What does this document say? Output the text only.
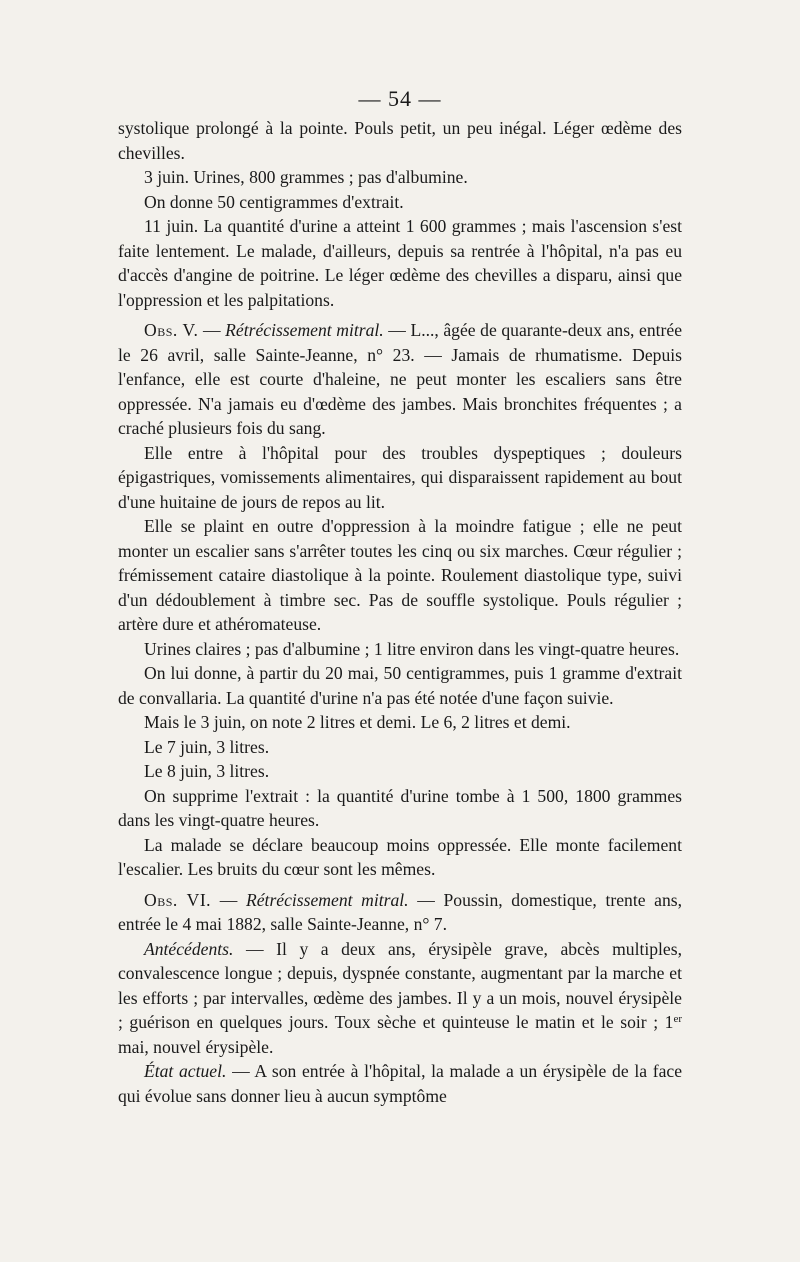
— 54 —

systolique prolongé à la pointe. Pouls petit, un peu inégal. Léger œdème des chevilles.

3 juin. Urines, 800 grammes ; pas d'albumine.

On donne 50 centigrammes d'extrait.

11 juin. La quantité d'urine a atteint 1 600 grammes ; mais l'ascension s'est faite lentement. Le malade, d'ailleurs, depuis sa rentrée à l'hôpital, n'a pas eu d'accès d'angine de poitrine. Le léger œdème des chevilles a disparu, ainsi que l'oppression et les palpitations.

Obs. V. — Rétrécissement mitral. — L..., âgée de quarante-deux ans, entrée le 26 avril, salle Sainte-Jeanne, n° 23. — Jamais de rhumatisme. Depuis l'enfance, elle est courte d'haleine, ne peut monter les escaliers sans être oppressée. N'a jamais eu d'œdème des jambes. Mais bronchites fréquentes ; a craché plusieurs fois du sang.

Elle entre à l'hôpital pour des troubles dyspeptiques ; douleurs épigastriques, vomissements alimentaires, qui disparaissent rapidement au bout d'une huitaine de jours de repos au lit.

Elle se plaint en outre d'oppression à la moindre fatigue ; elle ne peut monter un escalier sans s'arrêter toutes les cinq ou six marches. Cœur régulier ; frémissement cataire diastolique à la pointe. Roulement diastolique type, suivi d'un dédoublement à timbre sec. Pas de souffle systolique. Pouls régulier ; artère dure et athéromateuse.

Urines claires ; pas d'albumine ; 1 litre environ dans les vingt-quatre heures.

On lui donne, à partir du 20 mai, 50 centigrammes, puis 1 gramme d'extrait de convallaria. La quantité d'urine n'a pas été notée d'une façon suivie.

Mais le 3 juin, on note 2 litres et demi. Le 6, 2 litres et demi.

Le 7 juin, 3 litres.

Le 8 juin, 3 litres.

On supprime l'extrait : la quantité d'urine tombe à 1 500, 1800 grammes dans les vingt-quatre heures.

La malade se déclare beaucoup moins oppressée. Elle monte facilement l'escalier. Les bruits du cœur sont les mêmes.

Obs. VI. — Rétrécissement mitral. — Poussin, domestique, trente ans, entrée le 4 mai 1882, salle Sainte-Jeanne, n° 7.

Antécédents. — Il y a deux ans, érysipèle grave, abcès multiples, convalescence longue ; depuis, dyspnée constante, augmentant par la marche et les efforts ; par intervalles, œdème des jambes. Il y a un mois, nouvel érysipèle ; guérison en quelques jours. Toux sèche et quinteuse le matin et le soir ; 1er mai, nouvel érysipèle.

État actuel. — A son entrée à l'hôpital, la malade a un érysipèle de la face qui évolue sans donner lieu à aucun symptôme
